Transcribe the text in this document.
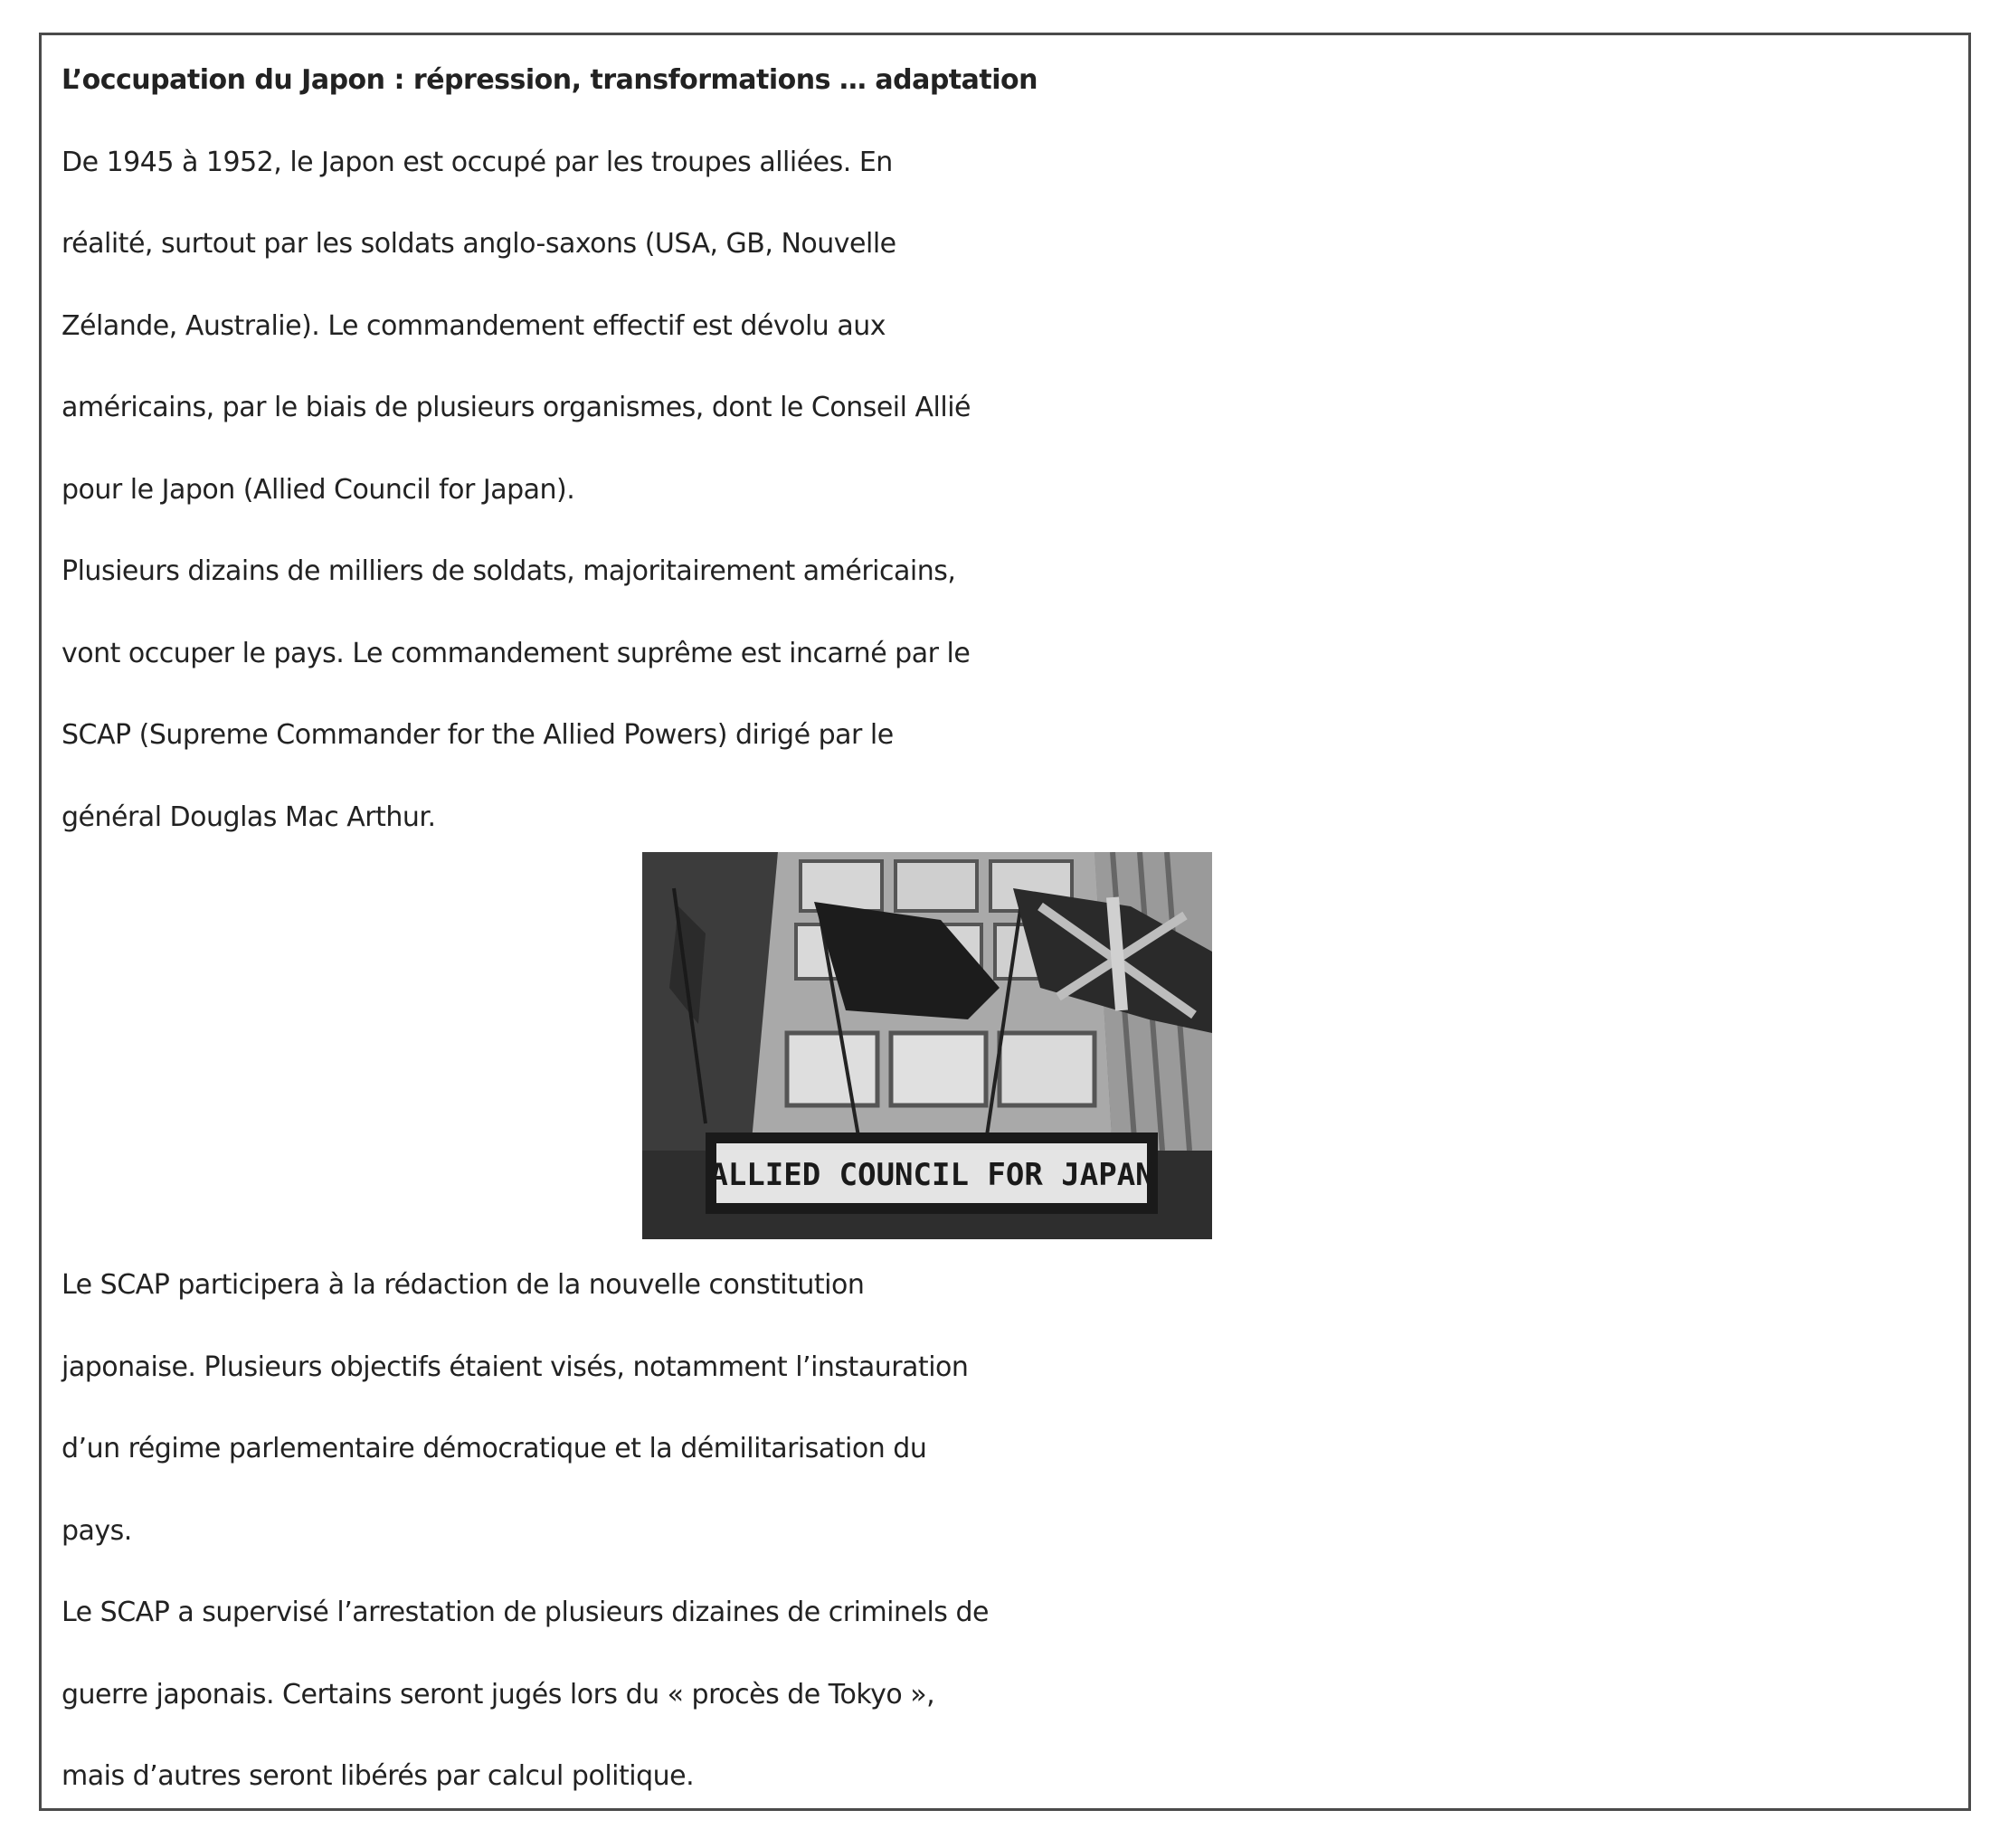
L’occupation du Japon : répression, transformations … adaptation

De 1945 à 1952, le Japon est occupé par les troupes alliées. En

réalité, surtout par les soldats anglo-saxons (USA, GB, Nouvelle

Zélande, Australie). Le commandement effectif est dévolu aux

américains, par le biais de plusieurs organismes, dont le Conseil Allié

pour le Japon (Allied Council for Japan).

Plusieurs dizains de milliers de soldats, majoritairement américains,

vont occuper le pays. Le commandement suprême est incarné par le

SCAP (Supreme Commander for the Allied Powers) dirigé par le

général Douglas Mac Arthur.

ALLIED COUNCIL FOR JAPAN

Le SCAP participera à la rédaction de la nouvelle constitution

japonaise. Plusieurs objectifs étaient visés, notamment l’instauration

d’un régime parlementaire démocratique et la démilitarisation du

pays.

Le SCAP a supervisé l’arrestation de plusieurs dizaines de criminels de

guerre japonais. Certains seront jugés lors du « procès de Tokyo »,

mais d’autres seront libérés par calcul politique.
